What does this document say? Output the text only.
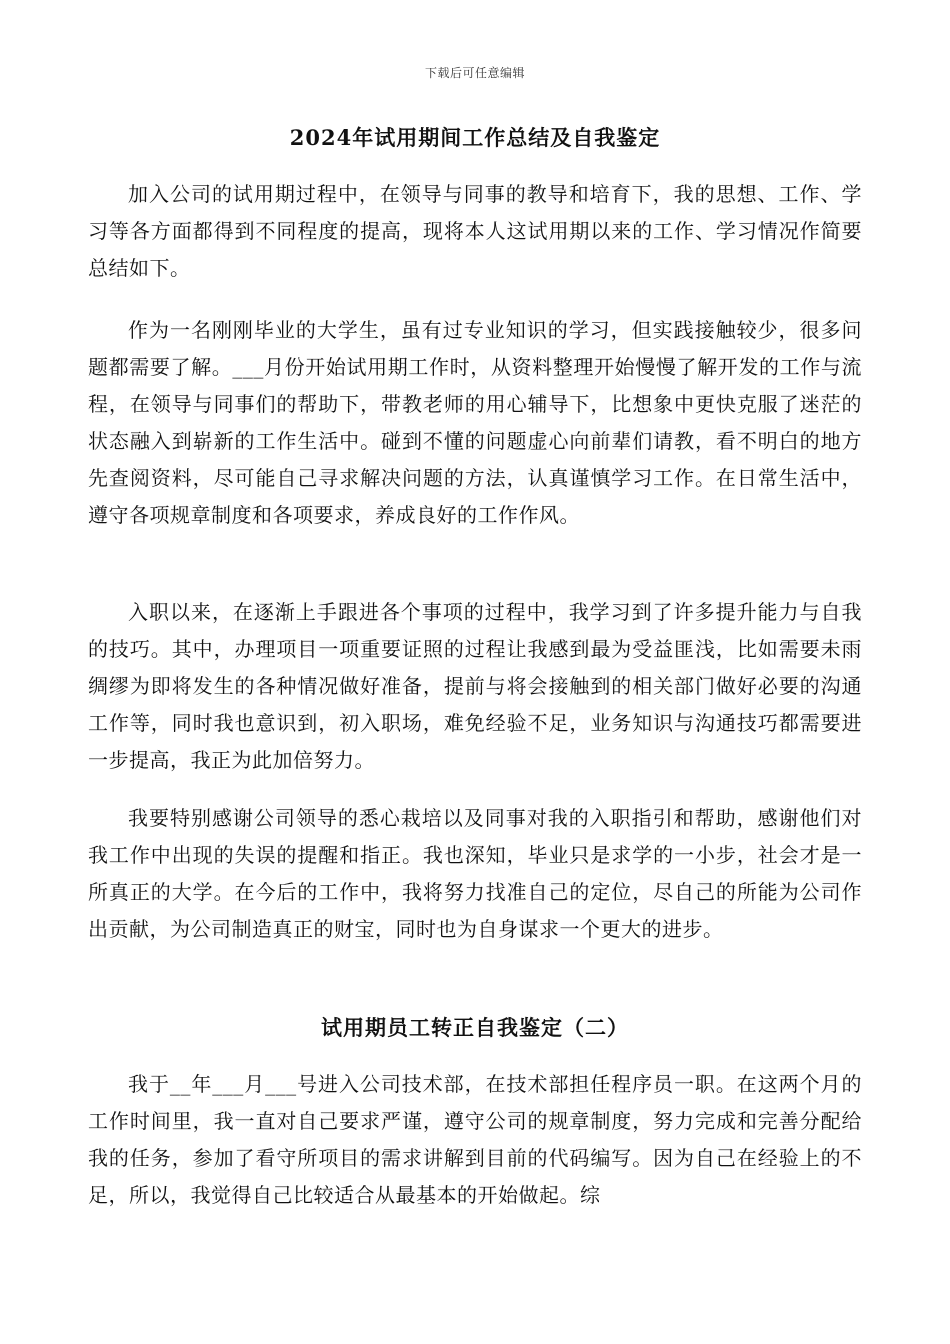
下载后可任意编辑
2024年试用期间工作总结及自我鉴定

加入公司的试用期过程中，在领导与同事的教导和培育下，我的思想、工作、学习等各方面都得到不同程度的提高，现将本人这试用期以来的工作、学习情况作简要总结如下。

作为一名刚刚毕业的大学生，虽有过专业知识的学习，但实践接触较少，很多问题都需要了解。___月份开始试用期工作时，从资料整理开始慢慢了解开发的工作与流程，在领导与同事们的帮助下，带教老师的用心辅导下，比想象中更快克服了迷茫的状态融入到崭新的工作生活中。碰到不懂的问题虚心向前辈们请教，看不明白的地方先查阅资料，尽可能自己寻求解决问题的方法，认真谨慎学习工作。在日常生活中，遵守各项规章制度和各项要求，养成良好的工作作风。

入职以来，在逐渐上手跟进各个事项的过程中，我学习到了许多提升能力与自我的技巧。其中，办理项目一项重要证照的过程让我感到最为受益匪浅，比如需要未雨绸缪为即将发生的各种情况做好准备，提前与将会接触到的相关部门做好必要的沟通工作等，同时我也意识到，初入职场，难免经验不足，业务知识与沟通技巧都需要进一步提高，我正为此加倍努力。

我要特别感谢公司领导的悉心栽培以及同事对我的入职指引和帮助，感谢他们对我工作中出现的失误的提醒和指正。我也深知，毕业只是求学的一小步，社会才是一所真正的大学。在今后的工作中，我将努力找准自己的定位，尽自己的所能为公司作出贡献，为公司制造真正的财宝，同时也为自身谋求一个更大的进步。

试用期员工转正自我鉴定（二）

我于__年___月___号进入公司技术部，在技术部担任程序员一职。在这两个月的工作时间里，我一直对自己要求严谨，遵守公司的规章制度，努力完成和完善分配给我的任务，参加了看守所项目的需求讲解到目前的代码编写。因为自己在经验上的不足，所以，我觉得自己比较适合从最基本的开始做起。综
